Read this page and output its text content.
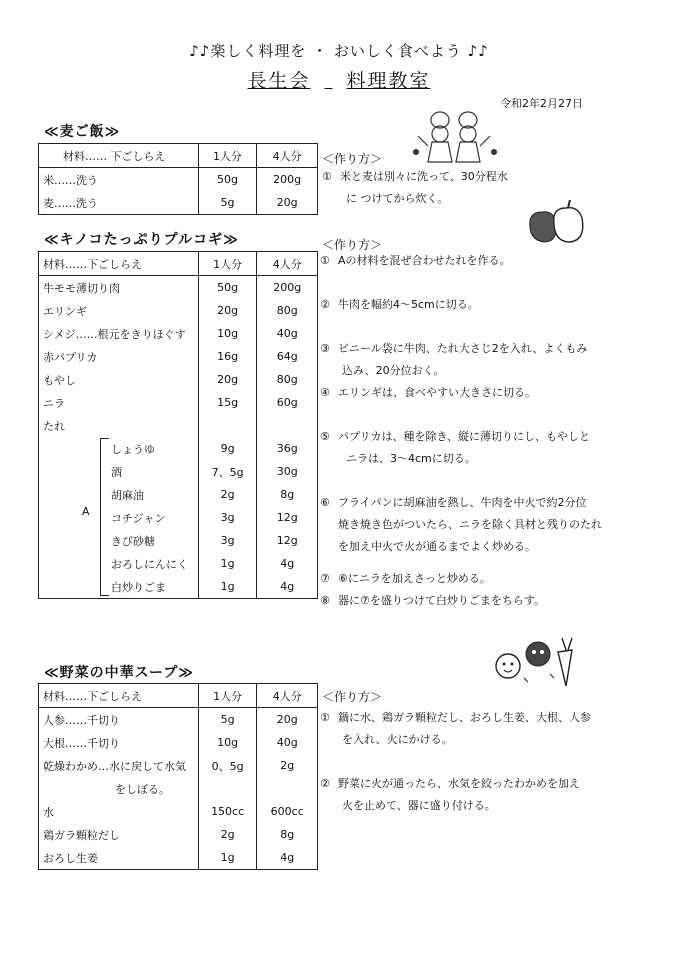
♪♪楽しく料理を ・ おいしく食べよう ♪♪
長生会 料理教室
令和2年2月27日
≪麦ご飯≫
材料…… 下ごしらえ	1人分	4人分
米……洗う	50g	200g
麦……洗う	5g	20g
＜作り方＞
① 米と麦は別々に洗って、30分程水
に つけてから炊く。
≪キノコたっぷりプルコギ≫
材料……下ごしらえ	1人分	4人分
牛モモ薄切り肉	50g	200g
エリンギ	20g	80g
シメジ……根元をきりほぐす	10g	40g
赤パプリカ	16g	64g
もやし	20g	80g
ニラ	15g	60g
たれ		
しょうゆ	9g	36g
酒	7、5g	30g
胡麻油	2g	8g
コチジャン	3g	12g
きび砂糖	3g	12g
おろしにんにく	1g	4g
白炒りごま	1g	4g
A
＜作り方＞
① Aの材料を混ぜ合わせたれを作る。
② 牛肉を幅約4～5cmに切る。
③ ビニール袋に牛肉、たれ大さじ2を入れ、よくもみ
込み、20分位おく。
④ エリンギは、食べやすい大きさに切る。
⑤ パプリカは、種を除き、縦に薄切りにし、もやしと
ニラは、3～4cmに切る。
⑥ フライパンに胡麻油を熱し、牛肉を中火で約2分位
焼き焼き色がついたら、ニラを除く具材と残りのたれ
を加え中火で火が通るまでよく炒める。
⑦ ⑥にニラを加えさっと炒める。
⑧ 器に⑦を盛りつけて白炒りごまをちらす。
≪野菜の中華スープ≫
材料……下ごしらえ	1人分	4人分
人参……千切り	5g	20g
大根……千切り	10g	40g
乾燥わかめ…水に戻して水気	0、5g	2g
をしぼる。		
水	150cc	600cc
鶏ガラ顆粒だし	2g	8g
おろし生姜	1g	4g
＜作り方＞
① 鍋に水、鶏ガラ顆粒だし、おろし生姜、大根、人参
を入れ、火にかける。
② 野菜に火が通ったら、水気を絞ったわかめを加え
火を止めて、器に盛り付ける。
